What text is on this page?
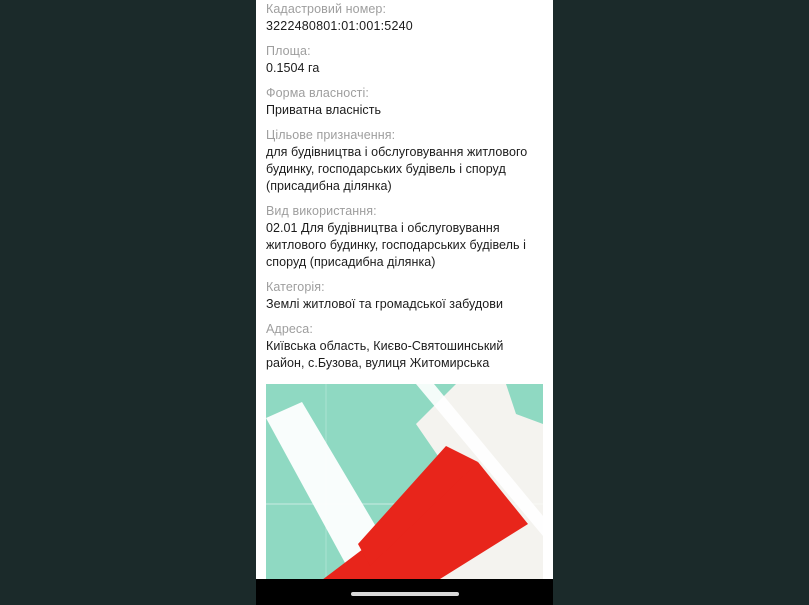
Кадастровий номер:

3222480801:01:001:5240

Площа:

0.1504 га

Форма власності:

Приватна власність

Цільове призначення:

для будівництва і обслуговування житлового будинку, господарських будівель і споруд (присадибна ділянка)

Вид використання:

02.01 Для будівництва і обслуговування житлового будинку, господарських будівель і споруд (присадибна ділянка)

Категорія:

Землі житлової та громадської забудови

Адреса:

Київська область, Києво-Святошинський район, с.Бузова, вулиця Житомирська
